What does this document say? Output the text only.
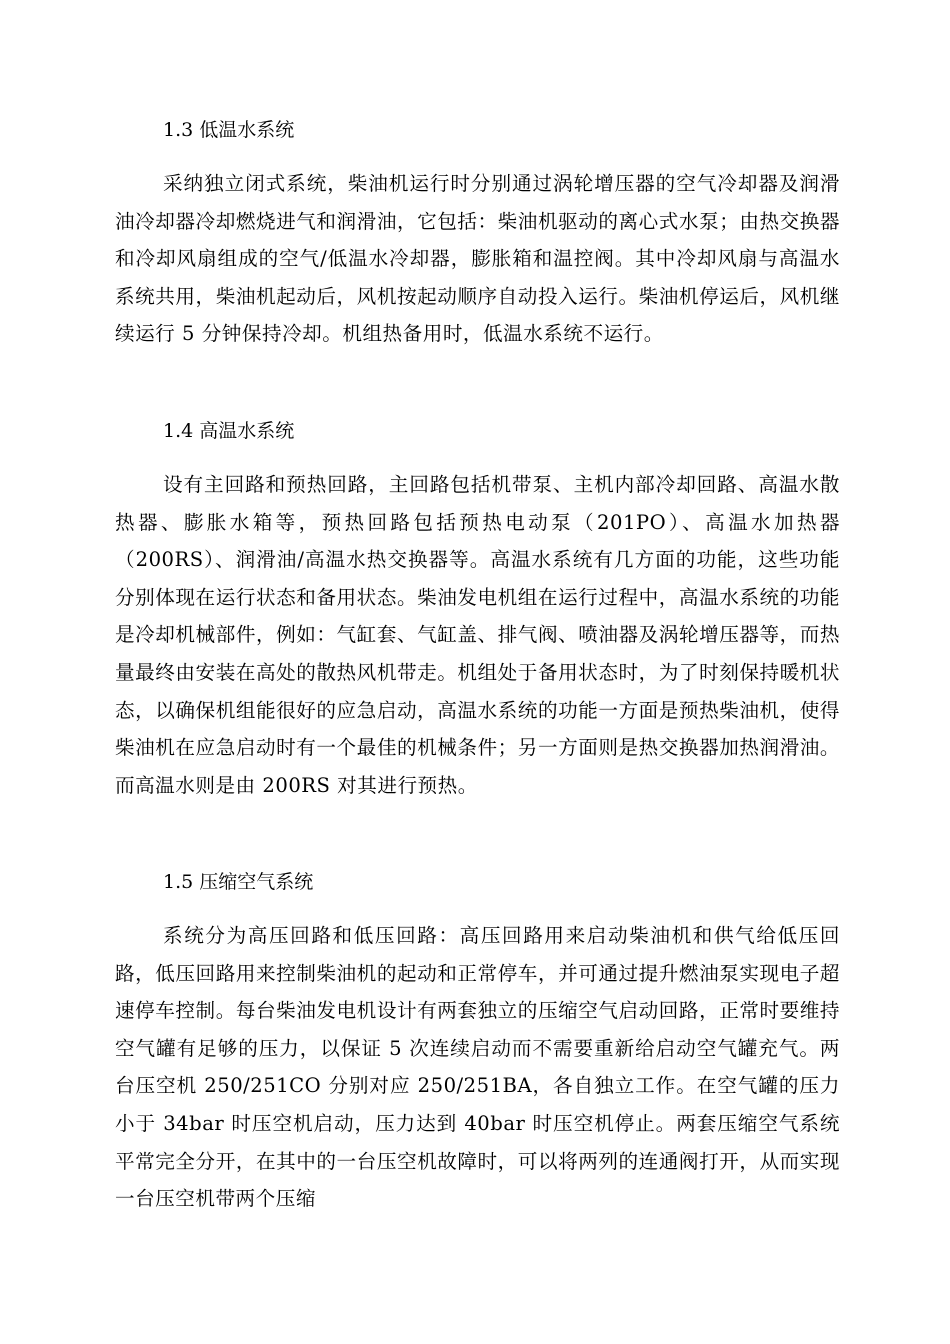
1.3 低温水系统

采纳独立闭式系统，柴油机运行时分别通过涡轮增压器的空气冷却器及润滑油冷却器冷却燃烧进气和润滑油，它包括：柴油机驱动的离心式水泵；由热交换器和冷却风扇组成的空气/低温水冷却器，膨胀箱和温控阀。其中冷却风扇与高温水系统共用，柴油机起动后，风机按起动顺序自动投入运行。柴油机停运后，风机继续运行 5 分钟保持冷却。机组热备用时，低温水系统不运行。

1.4 高温水系统

设有主回路和预热回路，主回路包括机带泵、主机内部冷却回路、高温水散热器、膨胀水箱等，预热回路包括预热电动泵（201PO）、高温水加热器（200RS）、润滑油/高温水热交换器等。高温水系统有几方面的功能，这些功能分别体现在运行状态和备用状态。柴油发电机组在运行过程中，高温水系统的功能是冷却机械部件，例如：气缸套、气缸盖、排气阀、喷油器及涡轮增压器等，而热量最终由安装在高处的散热风机带走。机组处于备用状态时，为了时刻保持暖机状态，以确保机组能很好的应急启动，高温水系统的功能一方面是预热柴油机，使得柴油机在应急启动时有一个最佳的机械条件；另一方面则是热交换器加热润滑油。而高温水则是由 200RS 对其进行预热。

1.5 压缩空气系统

系统分为高压回路和低压回路：高压回路用来启动柴油机和供气给低压回路，低压回路用来控制柴油机的起动和正常停车，并可通过提升燃油泵实现电子超速停车控制。每台柴油发电机设计有两套独立的压缩空气启动回路，正常时要维持空气罐有足够的压力，以保证 5 次连续启动而不需要重新给启动空气罐充气。两台压空机 250/251CO 分别对应 250/251BA，各自独立工作。在空气罐的压力小于 34bar 时压空机启动，压力达到 40bar 时压空机停止。两套压缩空气系统平常完全分开，在其中的一台压空机故障时，可以将两列的连通阀打开，从而实现一台压空机带两个压缩
